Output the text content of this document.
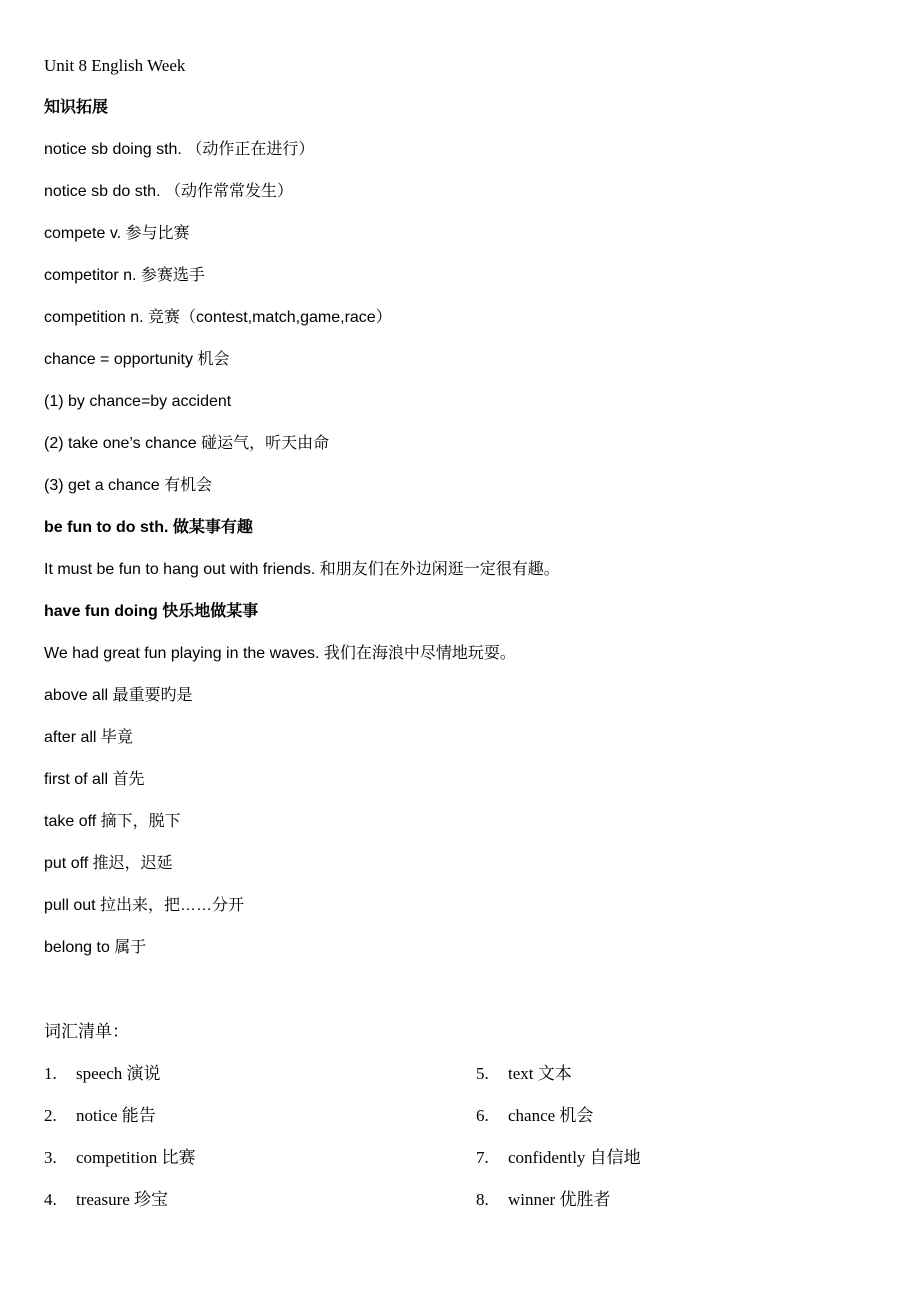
Unit 8 English Week
知识拓展
notice sb doing sth. （动作正在进行）
notice sb do sth. （动作常常发生）
compete v. 参与比赛
competitor n. 参赛选手
competition n. 竞赛（contest,match,game,race）
chance = opportunity 机会
(1) by chance=by accident
(2) take one’s chance 碰运气，听天由命
(3) get a chance 有机会
be fun to do sth. 做某事有趣
It must be fun to hang out with friends. 和朋友们在外边闲逛一定很有趣。
have fun doing 快乐地做某事
We had great fun playing in the waves. 我们在海浪中尽情地玩耍。
above all 最重要旳是
after all 毕竟
first of all 首先
take off 摘下，脱下
put off 推迟，迟延
pull out 拉出来，把……分开
belong to 属于
词汇清单：
1. speech 演说	5. text 文本
2. notice 能告	6. chance 机会
3. competition 比赛	7. confidently 自信地
4. treasure 珍宝	8. winner 优胜者
